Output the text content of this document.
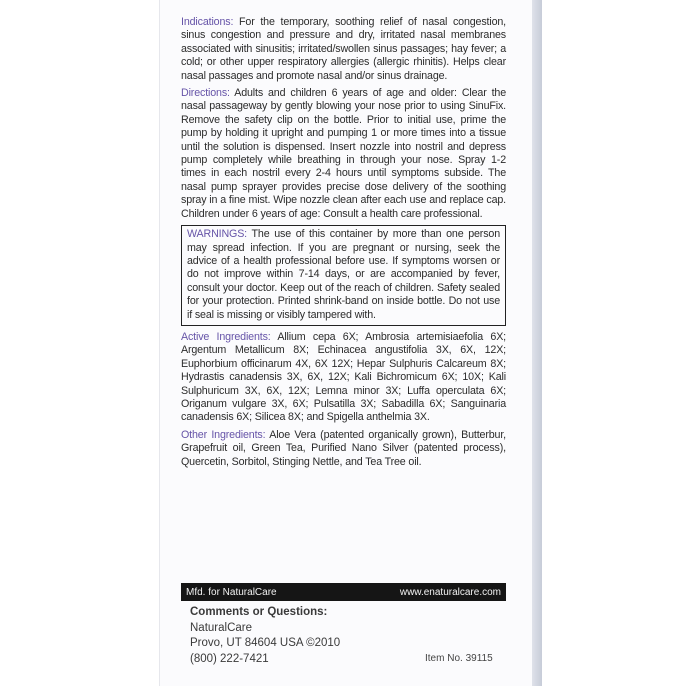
Indications: For the temporary, soothing relief of nasal congestion, sinus congestion and pressure and dry, irritated nasal membranes associated with sinusitis; irritated/swollen sinus passages; hay fever; a cold; or other upper respiratory allergies (allergic rhinitis). Helps clear nasal passages and promote nasal and/or sinus drainage.

Directions: Adults and children 6 years of age and older: Clear the nasal passageway by gently blowing your nose prior to using SinuFix. Remove the safety clip on the bottle. Prior to initial use, prime the pump by holding it upright and pumping 1 or more times into a tissue until the solution is dispensed. Insert nozzle into nostril and depress pump completely while breathing in through your nose. Spray 1-2 times in each nostril every 2-4 hours until symptoms subside. The nasal pump sprayer provides precise dose delivery of the soothing spray in a fine mist. Wipe nozzle clean after each use and replace cap. Children under 6 years of age: Consult a health care professional.

WARNINGS: The use of this container by more than one person may spread infection. If you are pregnant or nursing, seek the advice of a health professional before use. If symptoms worsen or do not improve within 7-14 days, or are accompanied by fever, consult your doctor. Keep out of the reach of children. Safety sealed for your protection. Printed shrink-band on inside bottle. Do not use if seal is missing or visibly tampered with.

Active Ingredients: Allium cepa 6X; Ambrosia artemisiaefolia 6X; Argentum Metallicum 8X; Echinacea angustifolia 3X, 6X, 12X; Euphorbium officinarum 4X, 6X 12X; Hepar Sulphuris Calcareum 8X; Hydrastis canadensis 3X, 6X, 12X; Kali Bichromicum 6X; 10X; Kali Sulphuricum 3X, 6X, 12X; Lemna minor 3X; Luffa operculata 6X; Origanum vulgare 3X, 6X; Pulsatilla 3X; Sabadilla 6X; Sanguinaria canadensis 6X; Silicea 8X; and Spigella anthelmia 3X.

Other Ingredients: Aloe Vera (patented organically grown), Butterbur, Grapefruit oil, Green Tea, Purified Nano Silver (patented process), Quercetin, Sorbitol, Stinging Nettle, and Tea Tree oil.

Mfd. for NaturalCare	www.enaturalcare.com
Comments or Questions:
NaturalCare
Provo, UT 84604 USA ©2010
(800) 222-7421	Item No. 39115
